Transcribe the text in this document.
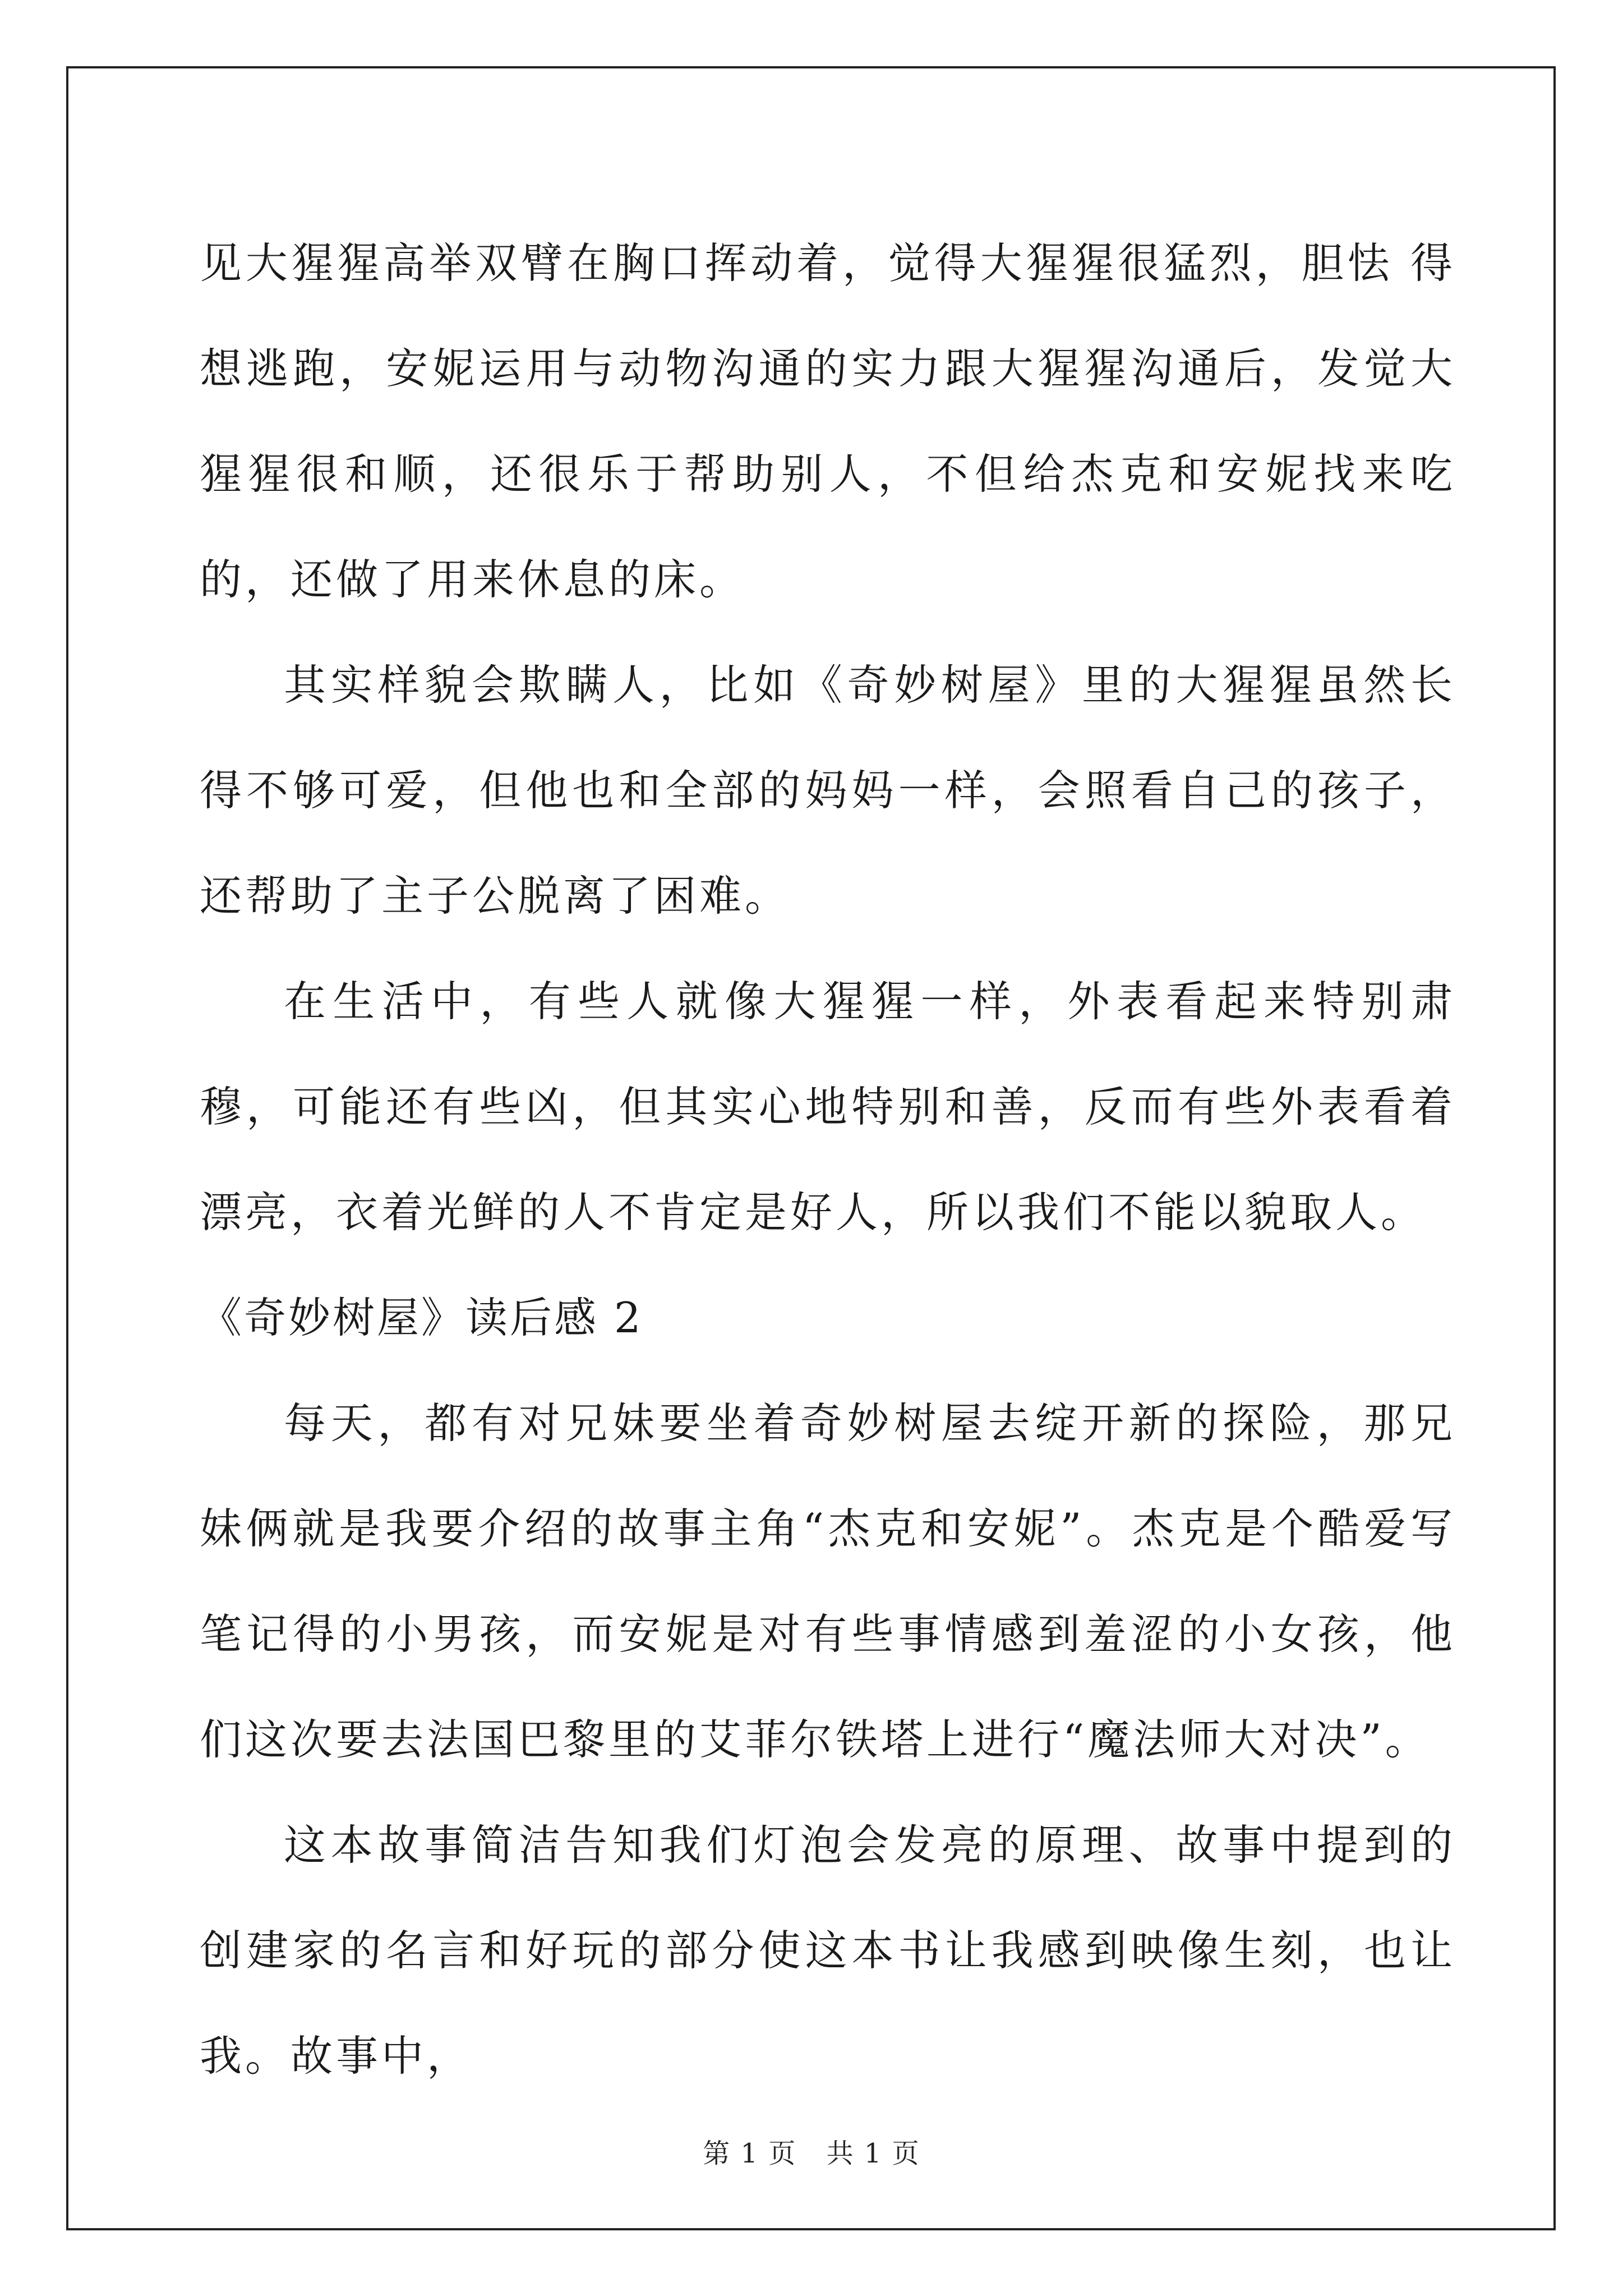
见大猩猩高举双臂在胸口挥动着，觉得大猩猩很猛烈，胆怯 得想逃跑，安妮运用与动物沟通的实力跟大猩猩沟通后，发觉大猩猩很和顺，还很乐于帮助别人，不但给杰克和安妮找来吃的，还做了用来休息的床。

其实样貌会欺瞒人，比如《奇妙树屋》里的大猩猩虽然长得不够可爱，但他也和全部的妈妈一样，会照看自己的孩子，还帮助了主子公脱离了困难。

在生活中，有些人就像大猩猩一样，外表看起来特别肃穆，可能还有些凶，但其实心地特别和善，反而有些外表看着漂亮，衣着光鲜的人不肯定是好人，所以我们不能以貌取人。

《奇妙树屋》读后感 2

每天，都有对兄妹要坐着奇妙树屋去绽开新的探险，那兄妹俩就是我要介绍的故事主角“杰克和安妮”。杰克是个酷爱写笔记得的小男孩，而安妮是对有些事情感到羞涩的小女孩，他们这次要去法国巴黎里的艾菲尔铁塔上进行“魔法师大对决”。

这本故事简洁告知我们灯泡会发亮的原理、故事中提到的创建家的名言和好玩的部分使这本书让我感到映像生刻，也让我。故事中，

第 1 页 共 1 页
